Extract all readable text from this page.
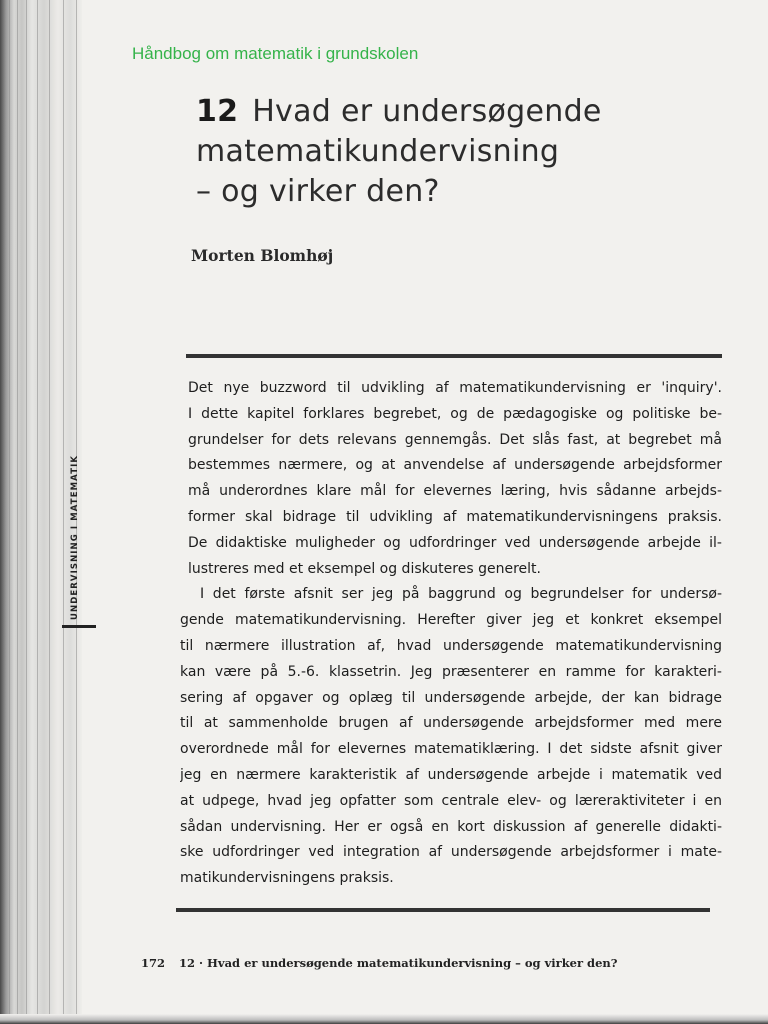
UNDERVISNING I MATEMATIK
Håndbog om matematik i grundskolen
12 Hvad er undersøgende
matematikundervisning
– og virker den?
Morten Blomhøj
Det nye buzzword til udvikling af matematikundervisning er 'inquiry'.
I dette kapitel forklares begrebet, og de pædagogiske og politiske be-
grundelser for dets relevans gennemgås. Det slås fast, at begrebet må
bestemmes nærmere, og at anvendelse af undersøgende arbejdsformer
må underordnes klare mål for elevernes læring, hvis sådanne arbejds-
former skal bidrage til udvikling af matematikundervisningens praksis.
De didaktiske muligheder og udfordringer ved undersøgende arbejde il-
lustreres med et eksempel og diskuteres generelt.
I det første afsnit ser jeg på baggrund og begrundelser for undersø-
gende matematikundervisning. Herefter giver jeg et konkret eksempel
til nærmere illustration af, hvad undersøgende matematikundervisning
kan være på 5.-6. klassetrin. Jeg præsenterer en ramme for karakteri-
sering af opgaver og oplæg til undersøgende arbejde, der kan bidrage
til at sammenholde brugen af undersøgende arbejdsformer med mere
overordnede mål for elevernes matematiklæring. I det sidste afsnit giver
jeg en nærmere karakteristik af undersøgende arbejde i matematik ved
at udpege, hvad jeg opfatter som centrale elev- og læreraktiviteter i en
sådan undervisning. Her er også en kort diskussion af generelle didakti-
ske udfordringer ved integration af undersøgende arbejdsformer i mate-
matikundervisningens praksis.
172 12 · Hvad er undersøgende matematikundervisning – og virker den?
